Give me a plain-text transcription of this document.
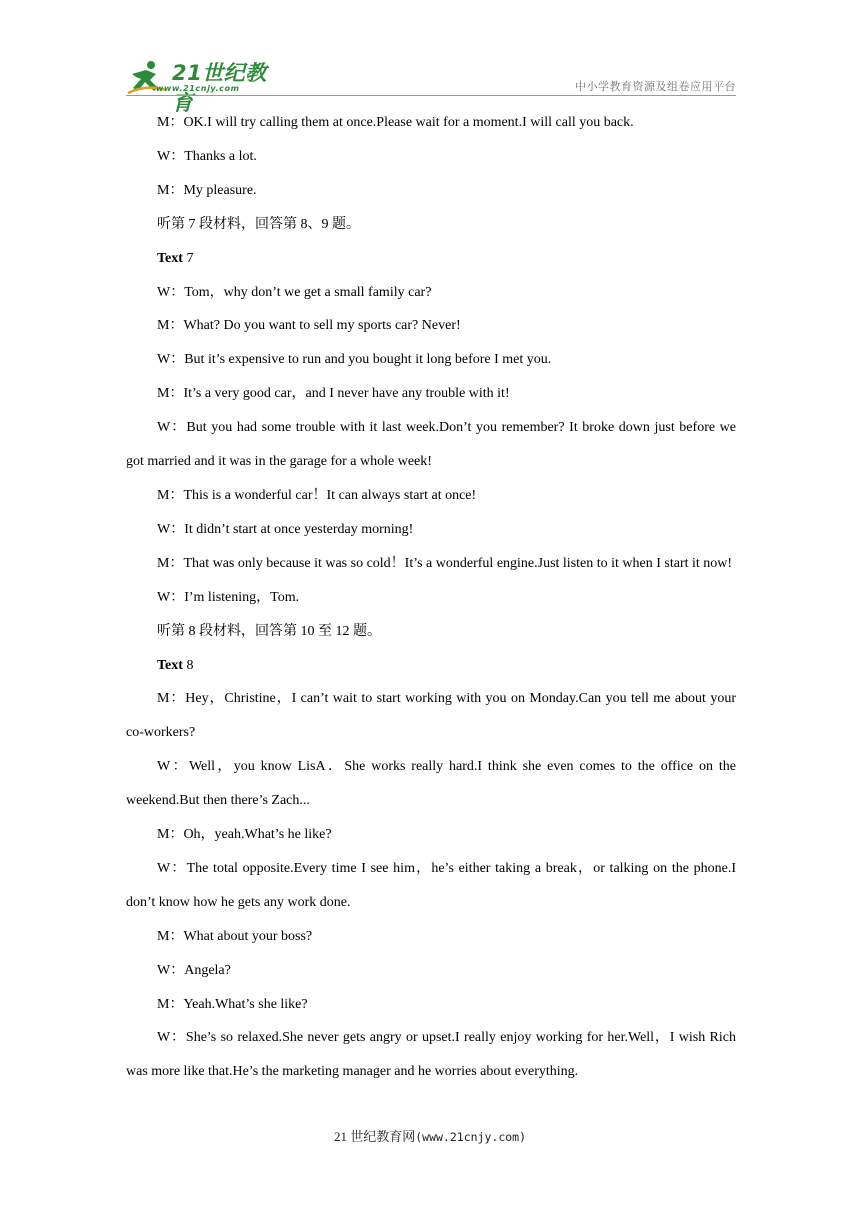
21世纪教育
www.21cnjy.com	中小学教育资源及组卷应用平台

M：OK.I will try calling them at once.Please wait for a moment.I will call you back.

W：Thanks a lot.

M：My pleasure.

听第 7 段材料，回答第 8、9 题。

Text 7

W：Tom，why don’t we get a small family car?

M：What? Do you want to sell my sports car? Never!

W：But it’s expensive to run and you bought it long before I met you.

M：It’s a very good car，and I never have any trouble with it!

W：But you had some trouble with it last week.Don’t you remember? It broke down just before we got married and it was in the garage for a whole week!

M：This is a wonderful car！It can always start at once!

W：It didn’t start at once yesterday morning!

M：That was only because it was so cold！It’s a wonderful engine.Just listen to it when I start it now!

W：I’m listening，Tom.

听第 8 段材料，回答第 10 至 12 题。

Text 8

M：Hey，Christine，I can’t wait to start working with you on Monday.Can you tell me about your co-workers?

W：Well，you know LisA．She works really hard.I think she even comes to the office on the weekend.But then there’s Zach...

M：Oh，yeah.What’s he like?

W：The total opposite.Every time I see him，he’s either taking a break，or talking on the phone.I don’t know how he gets any work done.

M：What about your boss?

W：Angela?

M：Yeah.What’s she like?

W：She’s so relaxed.She never gets angry or upset.I really enjoy working for her.Well，I wish Rich was more like that.He’s the marketing manager and he worries about everything.

21 世纪教育网(www.21cnjy.com)
